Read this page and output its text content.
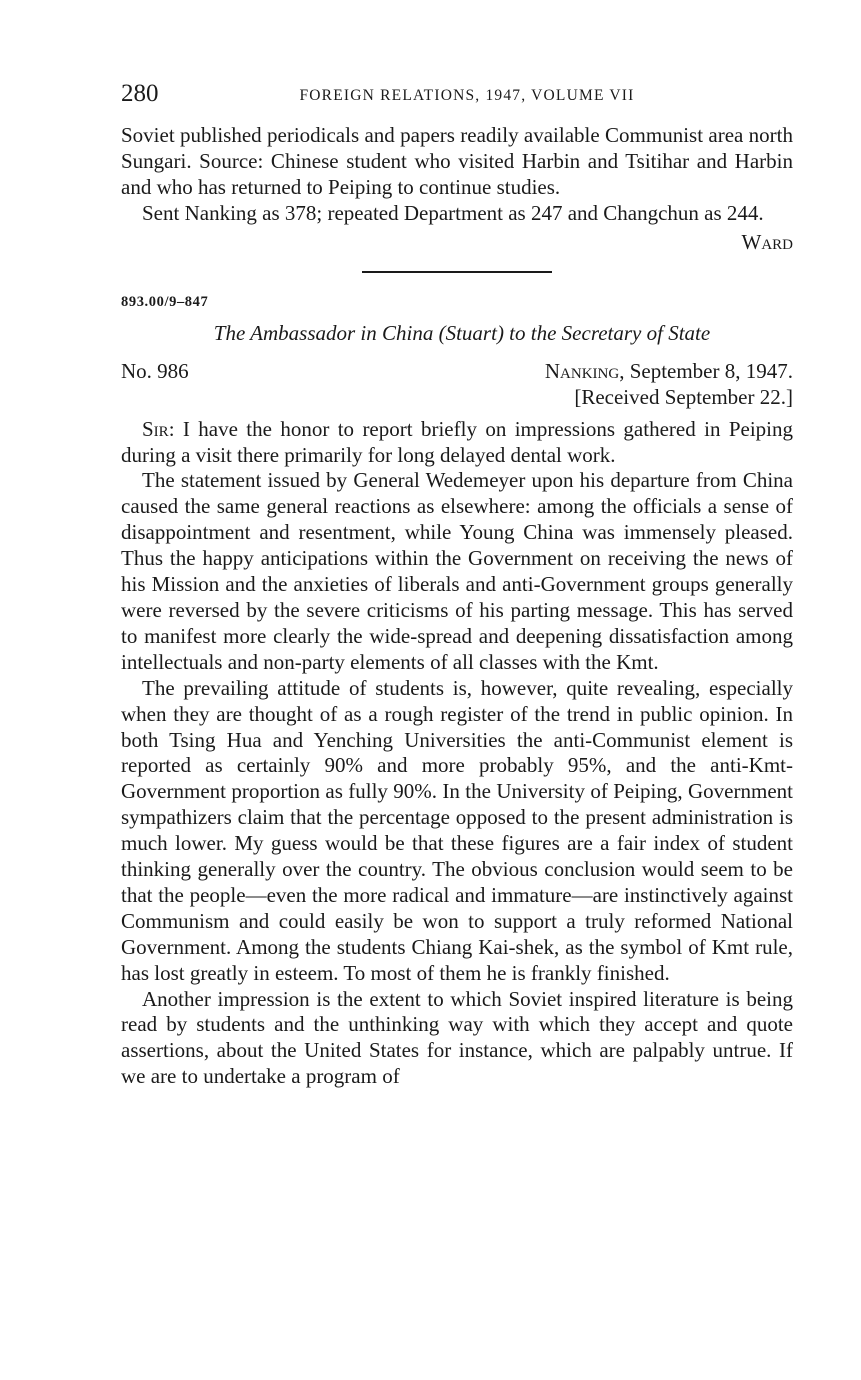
280	FOREIGN RELATIONS, 1947, VOLUME VII

Soviet published periodicals and papers readily available Communist area north Sungari. Source: Chinese student who visited Harbin and Tsitihar and Harbin and who has returned to Peiping to continue studies.

Sent Nanking as 378; repeated Department as 247 and Changchun as 244.

Ward
893.00/9–847
The Ambassador in China (Stuart) to the Secretary of State
No. 986	Nanking, September 8, 1947.
[Received September 22.]

Sir: I have the honor to report briefly on impressions gathered in Peiping during a visit there primarily for long delayed dental work.

The statement issued by General Wedemeyer upon his departure from China caused the same general reactions as elsewhere: among the officials a sense of disappointment and resentment, while Young China was immensely pleased. Thus the happy anticipations within the Government on receiving the news of his Mission and the anxieties of liberals and anti-Government groups generally were reversed by the severe criticisms of his parting message. This has served to manifest more clearly the wide-spread and deepening dissatisfaction among intellectuals and non-party elements of all classes with the Kmt.

The prevailing attitude of students is, however, quite revealing, especially when they are thought of as a rough register of the trend in public opinion. In both Tsing Hua and Yenching Universities the anti-Communist element is reported as certainly 90% and more probably 95%, and the anti-Kmt-Government proportion as fully 90%. In the University of Peiping, Government sympathizers claim that the percentage opposed to the present administration is much lower. My guess would be that these figures are a fair index of student thinking generally over the country. The obvious conclusion would seem to be that the people—even the more radical and immature—are instinctively against Communism and could easily be won to support a truly reformed National Government. Among the students Chiang Kai-shek, as the symbol of Kmt rule, has lost greatly in esteem. To most of them he is frankly finished.

Another impression is the extent to which Soviet inspired literature is being read by students and the unthinking way with which they accept and quote assertions, about the United States for instance, which are palpably untrue. If we are to undertake a program of
